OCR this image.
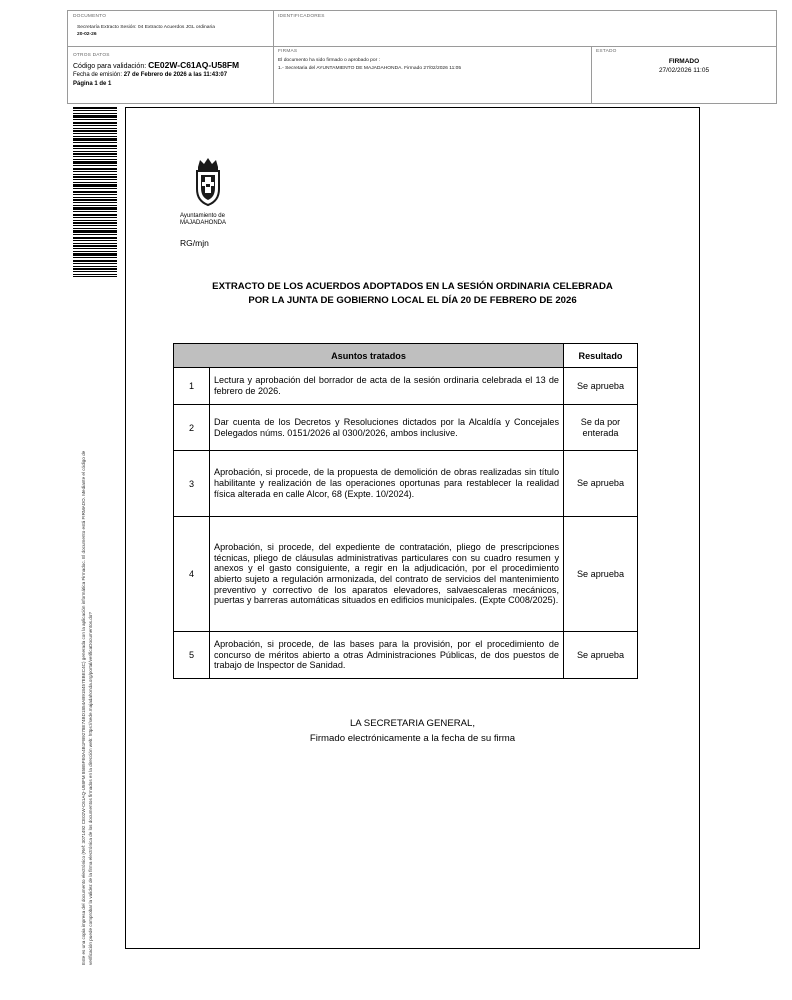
DOCUMENTO
Secretaría Extracto Sesión: 04 Extracto Acuerdos JGL ordinaria
20-02-26
IDENTIFICADORES
OTROS DATOS
Código para validación: CE02W-C61AQ-U58FM
Fecha de emisión: 27 de Febrero de 2026 a las 11:43:07
Página 1 de 1
FIRMAS
El documento ha sido firmado o aprobado por :
1.- Secretaria del AYUNTAMIENTO DE MAJADAHONDA. Firmado 27/02/2026 11:05
ESTADO
FIRMADO
27/02/2026 11:05
Este es una copia impresa del documento electrónico (Ref: 3071492 CE02W-C61AQ-U58FM 85B5FE0A4B1FB9278E74BD1854AB918457EBEC4C) generada con la aplicación informática Firmadoc. El documento está FIRMADO. Mediante el código de verificación puede comprobar la validez de la firma electrónica de los documentos firmados en la dirección web: https://sede.majadahonda.org/portal/verificaDocumentos.do?
Ayuntamiento de
MAJADAHONDA
RG/mjn
EXTRACTO DE LOS ACUERDOS ADOPTADOS EN LA SESIÓN ORDINARIA CELEBRADA
POR LA JUNTA DE GOBIERNO LOCAL EL DÍA 20 DE FEBRERO DE 2026
Asuntos tratados		Resultado
1	Lectura y aprobación del borrador de acta de la sesión ordinaria celebrada el 13 de febrero de 2026.	Se aprueba
2	Dar cuenta de los Decretos y Resoluciones dictados por la Alcaldía y Concejales Delegados núms. 0151/2026 al 0300/2026, ambos inclusive.	Se da por enterada
3	Aprobación, si procede, de la propuesta de demolición de obras realizadas sin título habilitante y realización de las operaciones oportunas para restablecer la realidad física alterada en calle Alcor, 68 (Expte. 10/2024).	Se aprueba
4	Aprobación, si procede, del expediente de contratación, pliego de prescripciones técnicas, pliego de cláusulas administrativas particulares con su cuadro resumen y anexos y el gasto consiguiente, a regir en la adjudicación, por el procedimiento abierto sujeto a regulación armonizada, del contrato de servicios del mantenimiento preventivo y correctivo de los aparatos elevadores, salvaescaleras mecánicos, puertas y barreras automáticas situados en edificios municipales. (Expte C008/2025).	Se aprueba
5	Aprobación, si procede, de las bases para la provisión, por el procedimiento de concurso de méritos abierto a otras Administraciones Públicas, de dos puestos de trabajo de Inspector de Sanidad.	Se aprueba
LA SECRETARIA GENERAL,
Firmado electrónicamente a la fecha de su firma
